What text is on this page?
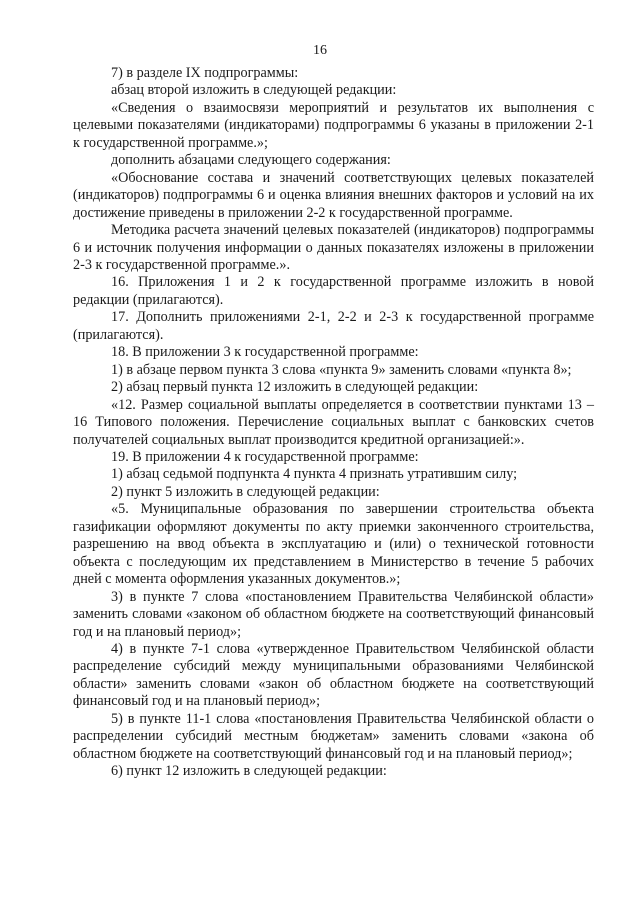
16

7) в разделе IX подпрограммы:

абзац второй изложить в следующей редакции:

«Сведения о взаимосвязи мероприятий и результатов их выполнения с целевыми показателями (индикаторами) подпрограммы 6 указаны в приложении 2-1 к государственной программе.»;

дополнить абзацами следующего содержания:

«Обоснование состава и значений соответствующих целевых показателей (индикаторов) подпрограммы 6 и оценка влияния внешних факторов и условий на их достижение приведены в приложении 2-2 к государственной программе.

Методика расчета значений целевых показателей (индикаторов) подпрограммы 6 и источник получения информации о данных показателях изложены в приложении 2-3 к государственной программе.».

16. Приложения 1 и 2 к государственной программе изложить в новой редакции (прилагаются).

17. Дополнить приложениями 2-1, 2-2 и 2-3 к государственной программе (прилагаются).

18. В приложении 3 к государственной программе:

1) в абзаце первом пункта 3 слова «пункта 9» заменить словами «пункта 8»;

2) абзац первый пункта 12 изложить в следующей редакции:

«12. Размер социальной выплаты определяется в соответствии пунктами 13 – 16 Типового положения. Перечисление социальных выплат с банковских счетов получателей социальных выплат производится кредитной организацией:».

19. В приложении 4 к государственной программе:

1) абзац седьмой подпункта 4 пункта 4 признать утратившим силу;

2) пункт 5 изложить в следующей редакции:

«5. Муниципальные образования по завершении строительства объекта газификации оформляют документы по акту приемки законченного строительства, разрешению на ввод объекта в эксплуатацию и (или) о технической готовности объекта с последующим их представлением в Министерство в течение 5 рабочих дней с момента оформления указанных документов.»;

3) в пункте 7 слова «постановлением Правительства Челябинской области» заменить словами «законом об областном бюджете на соответствующий финансовый год и на плановый период»;

4) в пункте 7-1 слова «утвержденное Правительством Челябинской области распределение субсидий между муниципальными образованиями Челябинской области» заменить словами «закон об областном бюджете на соответствующий финансовый год и на плановый период»;

5) в пункте 11-1 слова «постановления Правительства Челябинской области о распределении субсидий местным бюджетам» заменить словами «закона об областном бюджете на соответствующий финансовый год и на плановый период»;

6) пункт 12 изложить в следующей редакции:
